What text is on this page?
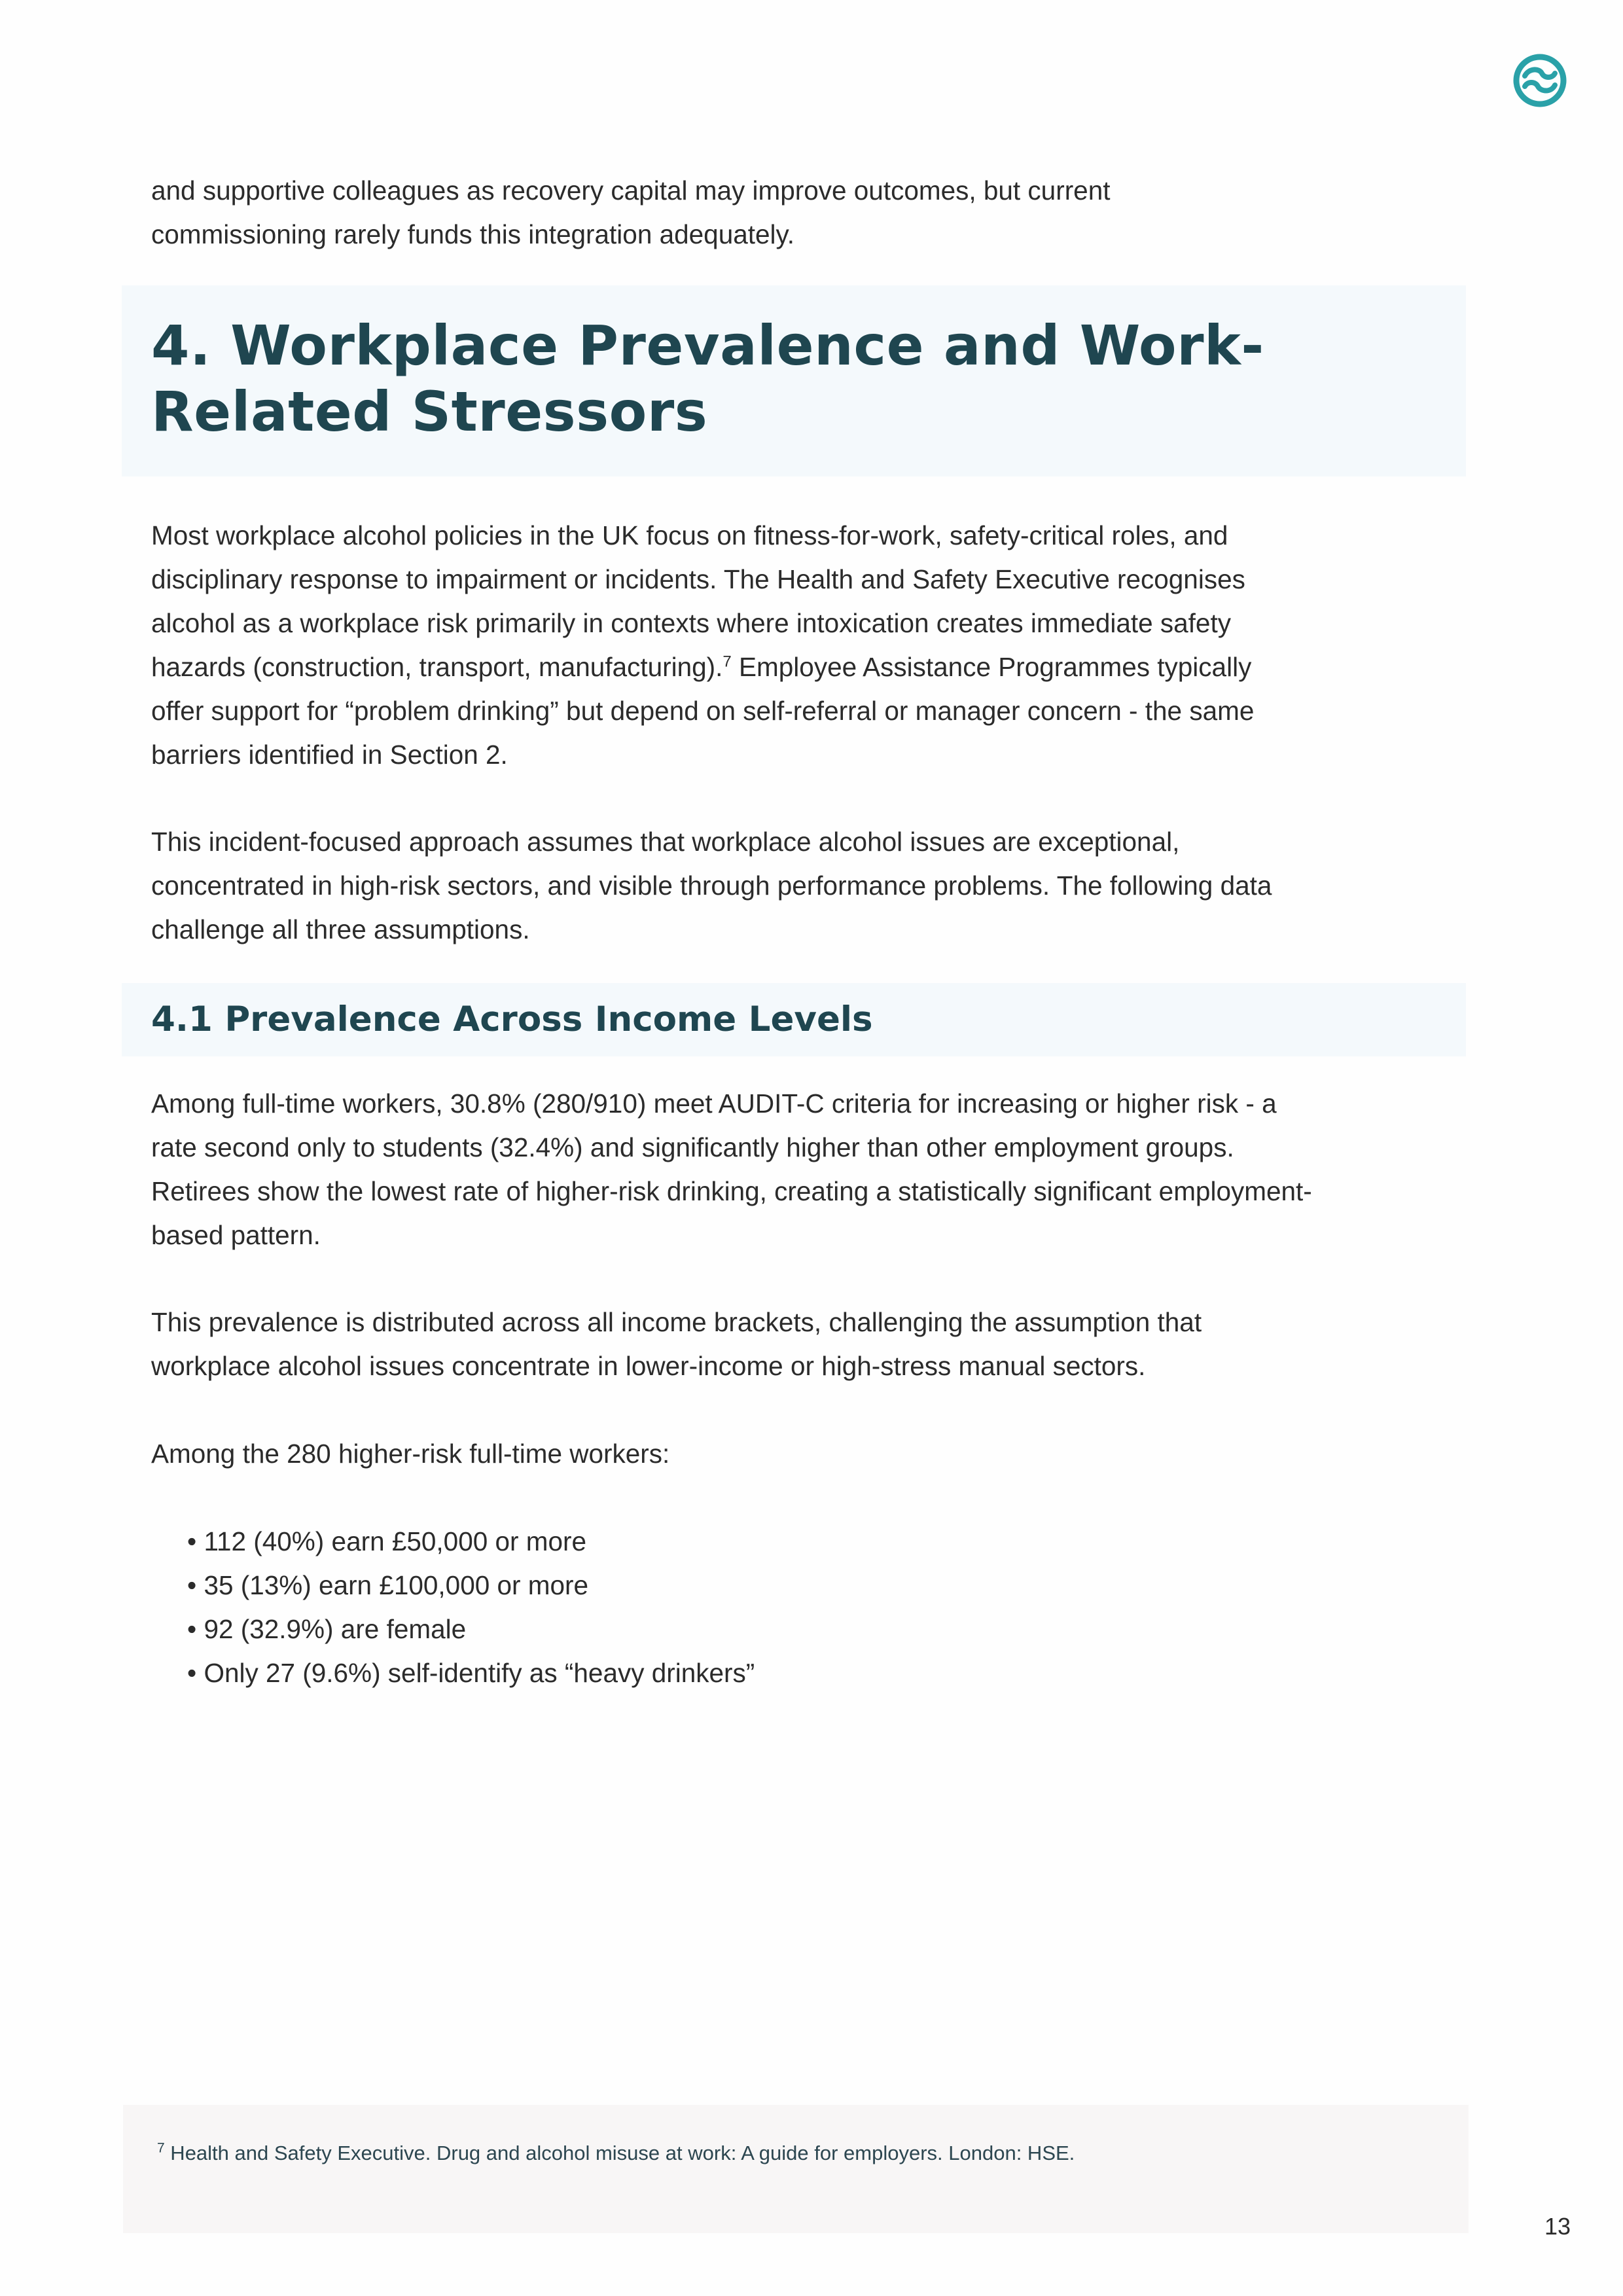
and supportive colleagues as recovery capital may improve outcomes, but current commissioning rarely funds this integration adequately.

4. Workplace Prevalence and Work-Related Stressors

Most workplace alcohol policies in the UK focus on fitness-for-work, safety-critical roles, and disciplinary response to impairment or incidents. The Health and Safety Executive recognises alcohol as a workplace risk primarily in contexts where intoxication creates immediate safety hazards (construction, transport, manufacturing).$^7$ Employee Assistance Programmes typically offer support for “problem drinking” but depend on self-referral or manager concern - the same barriers identified in Section 2.

This incident-focused approach assumes that workplace alcohol issues are exceptional, concentrated in high-risk sectors, and visible through performance problems. The following data challenge all three assumptions.

4.1 Prevalence Across Income Levels

Among full-time workers, 30.8% (280/910) meet AUDIT-C criteria for increasing or higher risk - a rate second only to students (32.4%) and significantly higher than other employment groups. Retirees show the lowest rate of higher-risk drinking, creating a statistically significant employment-based pattern.

This prevalence is distributed across all income brackets, challenging the assumption that workplace alcohol issues concentrate in lower-income or high-stress manual sectors.

Among the 280 higher-risk full-time workers:

• 112 (40%) earn £50,000 or more
• 35 (13%) earn £100,000 or more
• 92 (32.9%) are female
• Only 27 (9.6%) self-identify as “heavy drinkers”

$^7$ Health and Safety Executive. Drug and alcohol misuse at work: A guide for employers. London: HSE.

13
